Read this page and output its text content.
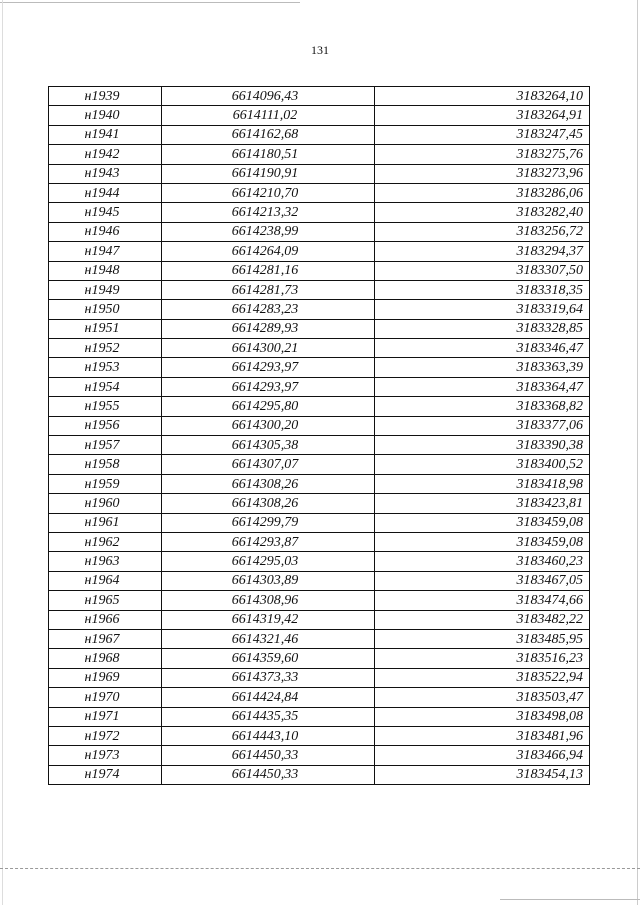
131
н1939	6614096,43	3183264,10
н1940	6614111,02	3183264,91
н1941	6614162,68	3183247,45
н1942	6614180,51	3183275,76
н1943	6614190,91	3183273,96
н1944	6614210,70	3183286,06
н1945	6614213,32	3183282,40
н1946	6614238,99	3183256,72
н1947	6614264,09	3183294,37
н1948	6614281,16	3183307,50
н1949	6614281,73	3183318,35
н1950	6614283,23	3183319,64
н1951	6614289,93	3183328,85
н1952	6614300,21	3183346,47
н1953	6614293,97	3183363,39
н1954	6614293,97	3183364,47
н1955	6614295,80	3183368,82
н1956	6614300,20	3183377,06
н1957	6614305,38	3183390,38
н1958	6614307,07	3183400,52
н1959	6614308,26	3183418,98
н1960	6614308,26	3183423,81
н1961	6614299,79	3183459,08
н1962	6614293,87	3183459,08
н1963	6614295,03	3183460,23
н1964	6614303,89	3183467,05
н1965	6614308,96	3183474,66
н1966	6614319,42	3183482,22
н1967	6614321,46	3183485,95
н1968	6614359,60	3183516,23
н1969	6614373,33	3183522,94
н1970	6614424,84	3183503,47
н1971	6614435,35	3183498,08
н1972	6614443,10	3183481,96
н1973	6614450,33	3183466,94
н1974	6614450,33	3183454,13
